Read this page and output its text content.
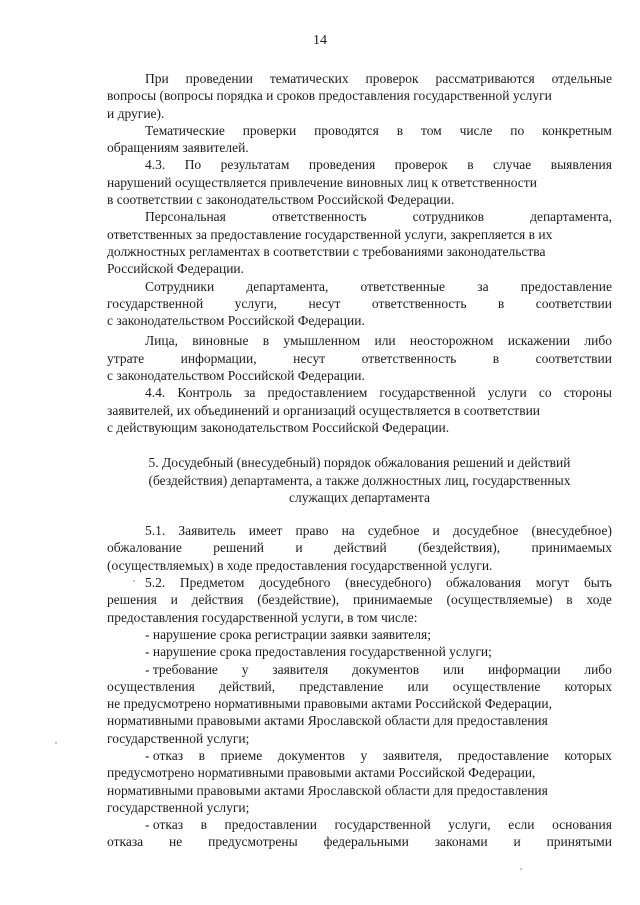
14
При проведении тематических проверок рассматриваются отдельные

вопросы (вопросы порядка и сроков предоставления государственной услуги

и другие).

Тематические проверки проводятся в том числе по конкретным

обращениям заявителей.

4.3. По результатам проведения проверок в случае выявления

нарушений осуществляется привлечение виновных лиц к ответственности

в соответствии с законодательством Российской Федерации.

Персональная	ответственность	сотрудников	департамента,

ответственных за предоставление государственной услуги, закрепляется в их

должностных регламентах в соответствии с требованиями законодательства

Российской Федерации.

Сотрудники департамента, ответственные за предоставление
государственной услуги, несут ответственность в соответствии

с законодательством Российской Федерации.

Лица, виновные в умышленном или неосторожном искажении либо
утрате	информации,	несут	ответственность	в	соответствии

с законодательством Российской Федерации.

4.4. Контроль за предоставлением государственной услуги со стороны

заявителей, их объединений и организаций осуществляется в соответствии

с действующим законодательством Российской Федерации.

5. Досудебный (внесудебный) порядок обжалования решений и действий (бездействия) департамента, а также должностных лиц, государственных служащих департамента

5.1. Заявитель имеет право на судебное и досудебное (внесудебное)
обжалование решений и действий (бездействия), принимаемых

(осуществляемых) в ходе предоставления государственной услуги.

5.2. Предметом досудебного (внесудебного) обжалования могут быть
решения и действия (бездействие), принимаемые (осуществляемые) в ходе

предоставления государственной услуги, в том числе:

- нарушение срока регистрации заявки заявителя;

- нарушение срока предоставления государственной услуги;

- требование у заявителя документов или информации либо
осуществления действий, представление или осуществление которых

не предусмотрено нормативными правовыми актами Российской Федерации,

нормативными правовыми актами Ярославской области для предоставления

государственной услуги;

- отказ в приеме документов у заявителя, предоставление которых

предусмотрено нормативными правовыми актами Российской Федерации,

нормативными правовыми актами Ярославской области для предоставления

государственной услуги;

- отказ в предоставлении государственной услуги, если основания
отказа не предусмотрены федеральными законами и принятыми
